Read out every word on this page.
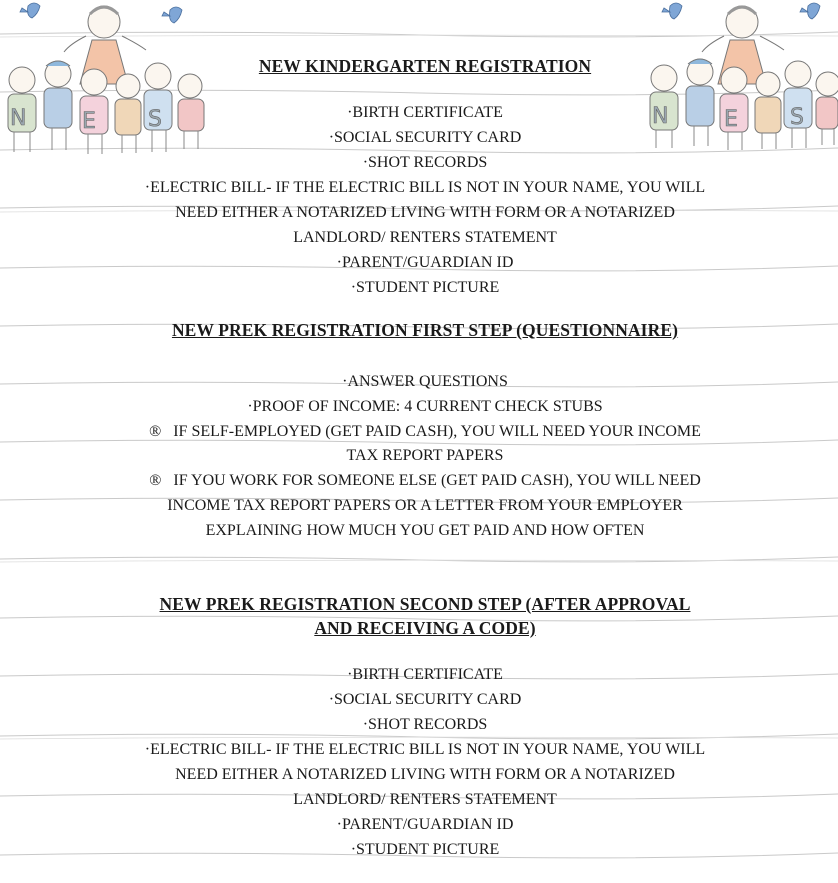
N	E S	N	E S
NEW KINDERGARTEN REGISTRATION
·BIRTH CERTIFICATE
·SOCIAL SECURITY CARD
·SHOT RECORDS
·ELECTRIC BILL- IF THE ELECTRIC BILL IS NOT IN YOUR NAME, YOU WILL
NEED EITHER A NOTARIZED LIVING WITH FORM OR A NOTARIZED
LANDLORD/ RENTERS STATEMENT
·PARENT/GUARDIAN ID
·STUDENT PICTURE
NEW PREK REGISTRATION FIRST STEP (QUESTIONNAIRE)
·ANSWER QUESTIONS
·PROOF OF INCOME: 4 CURRENT CHECK STUBS
®   IF SELF-EMPLOYED (GET PAID CASH), YOU WILL NEED YOUR INCOME
TAX REPORT PAPERS
®   IF YOU WORK FOR SOMEONE ELSE (GET PAID CASH), YOU WILL NEED
INCOME TAX REPORT PAPERS OR A LETTER FROM YOUR EMPLOYER
EXPLAINING HOW MUCH YOU GET PAID AND HOW OFTEN
NEW PREK REGISTRATION SECOND STEP (AFTER APPROVAL
AND RECEIVING A CODE)
·BIRTH CERTIFICATE
·SOCIAL SECURITY CARD
·SHOT RECORDS
·ELECTRIC BILL- IF THE ELECTRIC BILL IS NOT IN YOUR NAME, YOU WILL
NEED EITHER A NOTARIZED LIVING WITH FORM OR A NOTARIZED
LANDLORD/ RENTERS STATEMENT
·PARENT/GUARDIAN ID
·STUDENT PICTURE
